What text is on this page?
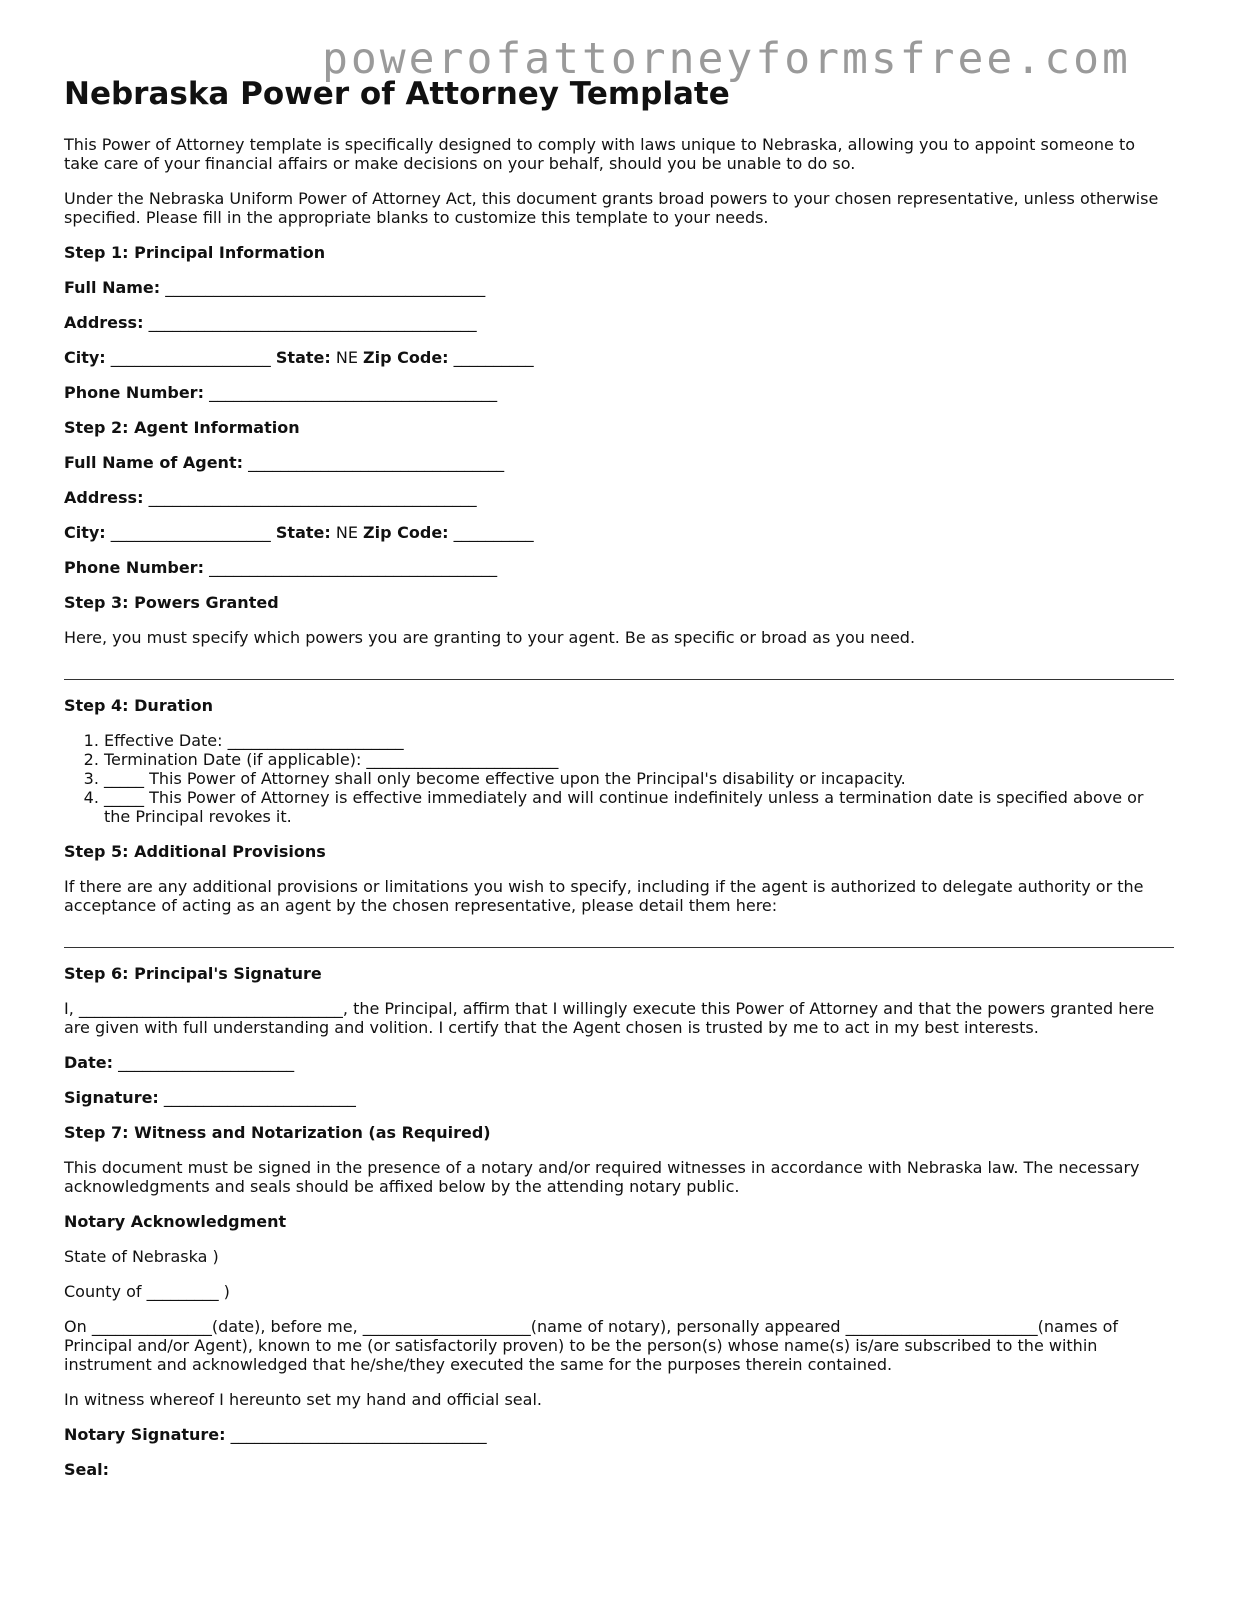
powerofattorneyformsfree.com
Nebraska Power of Attorney Template

This Power of Attorney template is specifically designed to comply with laws unique to Nebraska, allowing you to appoint someone to take care of your financial affairs or make decisions on your behalf, should you be unable to do so.

Under the Nebraska Uniform Power of Attorney Act, this document grants broad powers to your chosen representative, unless otherwise specified. Please fill in the appropriate blanks to customize this template to your needs.

Step 1: Principal Information

Full Name: ________________________________________

Address: _________________________________________

City: ____________________ State: NE Zip Code: __________

Phone Number: ____________________________________

Step 2: Agent Information

Full Name of Agent: ________________________________

Address: _________________________________________

City: ____________________ State: NE Zip Code: __________

Phone Number: ____________________________________

Step 3: Powers Granted

Here, you must specify which powers you are granting to your agent. Be as specific or broad as you need.

Step 4: Duration

1. Effective Date: ______________________
2. Termination Date (if applicable): ________________________
3. _____ This Power of Attorney shall only become effective upon the Principal's disability or incapacity.
4. _____ This Power of Attorney is effective immediately and will continue indefinitely unless a termination date is specified above or the Principal revokes it.

Step 5: Additional Provisions

If there are any additional provisions or limitations you wish to specify, including if the agent is authorized to delegate authority or the acceptance of acting as an agent by the chosen representative, please detail them here:

Step 6: Principal's Signature

I, _________________________________, the Principal, affirm that I willingly execute this Power of Attorney and that the powers granted here are given with full understanding and volition. I certify that the Agent chosen is trusted by me to act in my best interests.

Date: ______________________

Signature: ________________________

Step 7: Witness and Notarization (as Required)

This document must be signed in the presence of a notary and/or required witnesses in accordance with Nebraska law. The necessary acknowledgments and seals should be affixed below by the attending notary public.

Notary Acknowledgment

State of Nebraska )

County of _________ )

On _______________(date), before me, _____________________(name of notary), personally appeared ________________________(names of Principal and/or Agent), known to me (or satisfactorily proven) to be the person(s) whose name(s) is/are subscribed to the within instrument and acknowledged that he/she/they executed the same for the purposes therein contained.

In witness whereof I hereunto set my hand and official seal.

Notary Signature: ________________________________

Seal:
